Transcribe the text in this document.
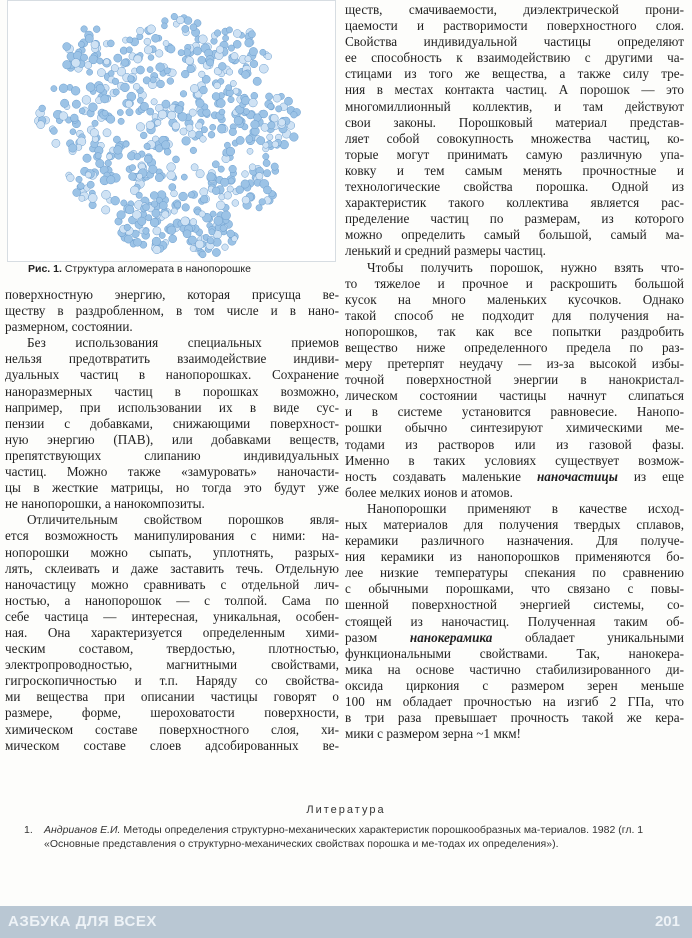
Рис. 1. Структура агломерата в нанопорошке
поверхностную энергию, которая присуща ве-
ществу в раздробленном, в том числе и в нано-
размерном, состоянии.
Без использования специальных приемов
нельзя предотвратить взаимодействие индиви-
дуальных частиц в нанопорошках. Сохранение
наноразмерных частиц в порошках возможно,
например, при использовании их в виде сус-
пензии с добавками, снижающими поверхност-
ную энергию (ПАВ), или добавками веществ,
препятствующих слипанию индивидуальных
частиц. Можно также «замуровать» наночасти-
цы в жесткие матрицы, но тогда это будут уже
не нанопорошки, а нанокомпозиты.
Отличительным свойством порошков явля-
ется возможность манипулирования с ними: на-
нопорошки можно сыпать, уплотнять, разрых-
лять, склеивать и даже заставить течь. Отдельную
наночастицу можно сравнивать с отдельной лич-
ностью, а нанопорошок — с толпой. Сама по
себе частица — интересная, уникальная, особен-
ная. Она характеризуется определенным хими-
ческим составом, твердостью, плотностью,
электропроводностью, магнитными свойствами,
гигроскопичностью и т.п. Наряду со свойства-
ми вещества при описании частицы говорят о
размере, форме, шероховатости поверхности,
химическом составе поверхностного слоя, хи-
мическом составе слоев адсобированных ве-
ществ, смачиваемости, диэлектрической прони-
цаемости и растворимости поверхностного слоя.
Свойства индивидуальной частицы определяют
ее способность к взаимодействию с другими ча-
стицами из того же вещества, а также силу тре-
ния в местах контакта частиц. А порошок — это
многомиллионный коллектив, и там действуют
свои законы. Порошковый материал представ-
ляет собой совокупность множества частиц, ко-
торые могут принимать самую различную упа-
ковку и тем самым менять прочностные и
технологические свойства порошка. Одной из
характеристик такого коллектива является рас-
пределение частиц по размерам, из которого
можно определить самый большой, самый ма-
ленький и средний размеры частиц.
Чтобы получить порошок, нужно взять что-
то тяжелое и прочное и раскрошить большой
кусок на много маленьких кусочков. Однако
такой способ не подходит для получения на-
нопорошков, так как все попытки раздробить
вещество ниже определенного предела по раз-
меру претерпят неудачу — из-за высокой избы-
точной поверхностной энергии в нанокристал-
лическом состоянии частицы начнут слипаться
и в системе установится равновесие. Нанопо-
рошки обычно синтезируют химическими ме-
тодами из растворов или из газовой фазы.
Именно в таких условиях существует возмож-
ность создавать маленькие наночастицы из еще
более мелких ионов и атомов.
Нанопорошки применяют в качестве исход-
ных материалов для получения твердых сплавов,
керамики различного назначения. Для получе-
ния керамики из нанопорошков применяются бо-
лее низкие температуры спекания по сравнению
с обычными порошками, что связано с повы-
шенной поверхностной энергией системы, со-
стоящей из наночастиц. Полученная таким об-
разом нанокерамика обладает уникальными
функциональными свойствами. Так, нанокера-
мика на основе частично стабилизированного ди-
оксида циркония с размером зерен меньше
100 нм обладает прочностью на изгиб 2 ГПа, что
в три раза превышает прочность такой же кера-
мики с размером зерна ~1 мкм!
Литература
1. Андрианов Е.И. Методы определения структурно-механических характеристик порошкообразных ма-териалов. 1982 (гл. 1 «Основные представления о структурно-механических свойствах порошка и ме-тодах их определения»).
АЗБУКА ДЛЯ ВСЕХ	201
